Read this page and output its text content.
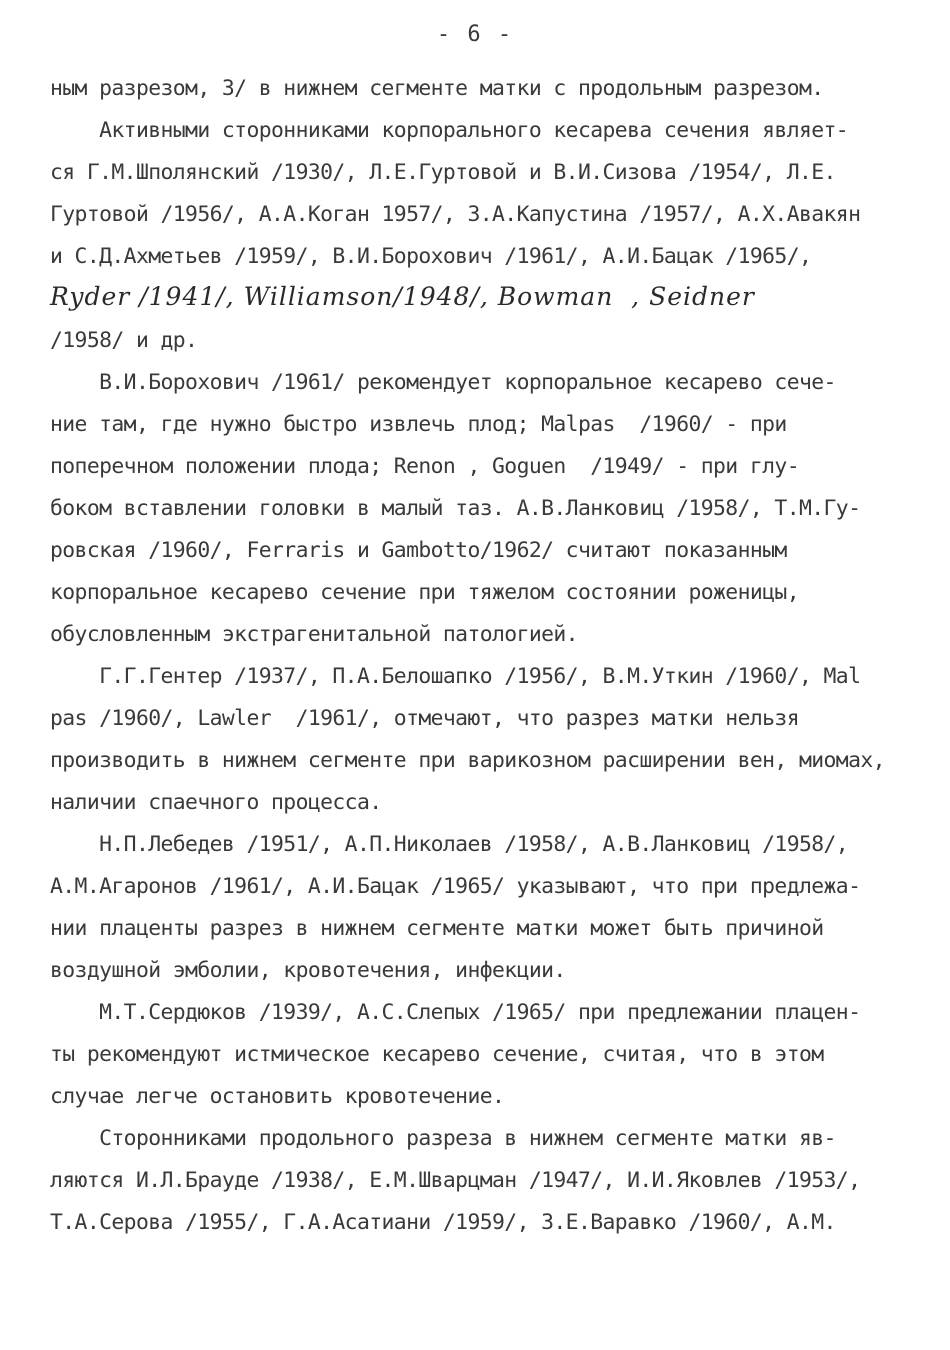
- 6 -
ным разрезом, 3/ в нижнем сегменте матки с продольным разрезом.
Активными сторонниками корпорального кесарева сечения являет-
ся Г.М.Шполянский /1930/, Л.Е.Гуртовой и В.И.Сизова /1954/, Л.Е.
Гуртовой /1956/, А.А.Коган 1957/, З.А.Капустина /1957/, А.Х.Авакян
и С.Д.Ахметьев /1959/, В.И.Борохович /1961/, А.И.Бацак /1965/,
Ryder /1941/, Williamson/1948/, Bowman  , Seidner
/1958/ и др.
В.И.Борохович /1961/ рекомендует корпоральное кесарево сече-
ние там, где нужно быстро извлечь плод; Malpas  /1960/ - при
поперечном положении плода; Renon , Goguen  /1949/ - при глу-
боком вставлении головки в малый таз. А.В.Ланковиц /1958/, Т.М.Гу-
ровская /1960/, Ferraris и Gambotto/1962/ считают показанным
корпоральное кесарево сечение при тяжелом состоянии роженицы,
обусловленным экстрагенитальной патологией.
Г.Г.Гентер /1937/, П.А.Белошапко /1956/, В.М.Уткин /1960/, Mal
pas /1960/, Lawler  /1961/, отмечают, что разрез матки нельзя
производить в нижнем сегменте при варикозном расширении вен, миомах,
наличии спаечного процесса.
Н.П.Лебедев /1951/, А.П.Николаев /1958/, А.В.Ланковиц /1958/,
А.М.Агаронов /1961/, А.И.Бацак /1965/ указывают, что при предлежа-
нии плаценты разрез в нижнем сегменте матки может быть причиной
воздушной эмболии, кровотечения, инфекции.
М.Т.Сердюков /1939/, А.С.Слепых /1965/ при предлежании плацен-
ты рекомендуют истмическое кесарево сечение, считая, что в этом
случае легче остановить кровотечение.
Сторонниками продольного разреза в нижнем сегменте матки яв-
ляются И.Л.Брауде /1938/, Е.М.Шварцман /1947/, И.И.Яковлев /1953/,
Т.А.Серова /1955/, Г.А.Асатиани /1959/, З.Е.Варавко /1960/, А.М.
